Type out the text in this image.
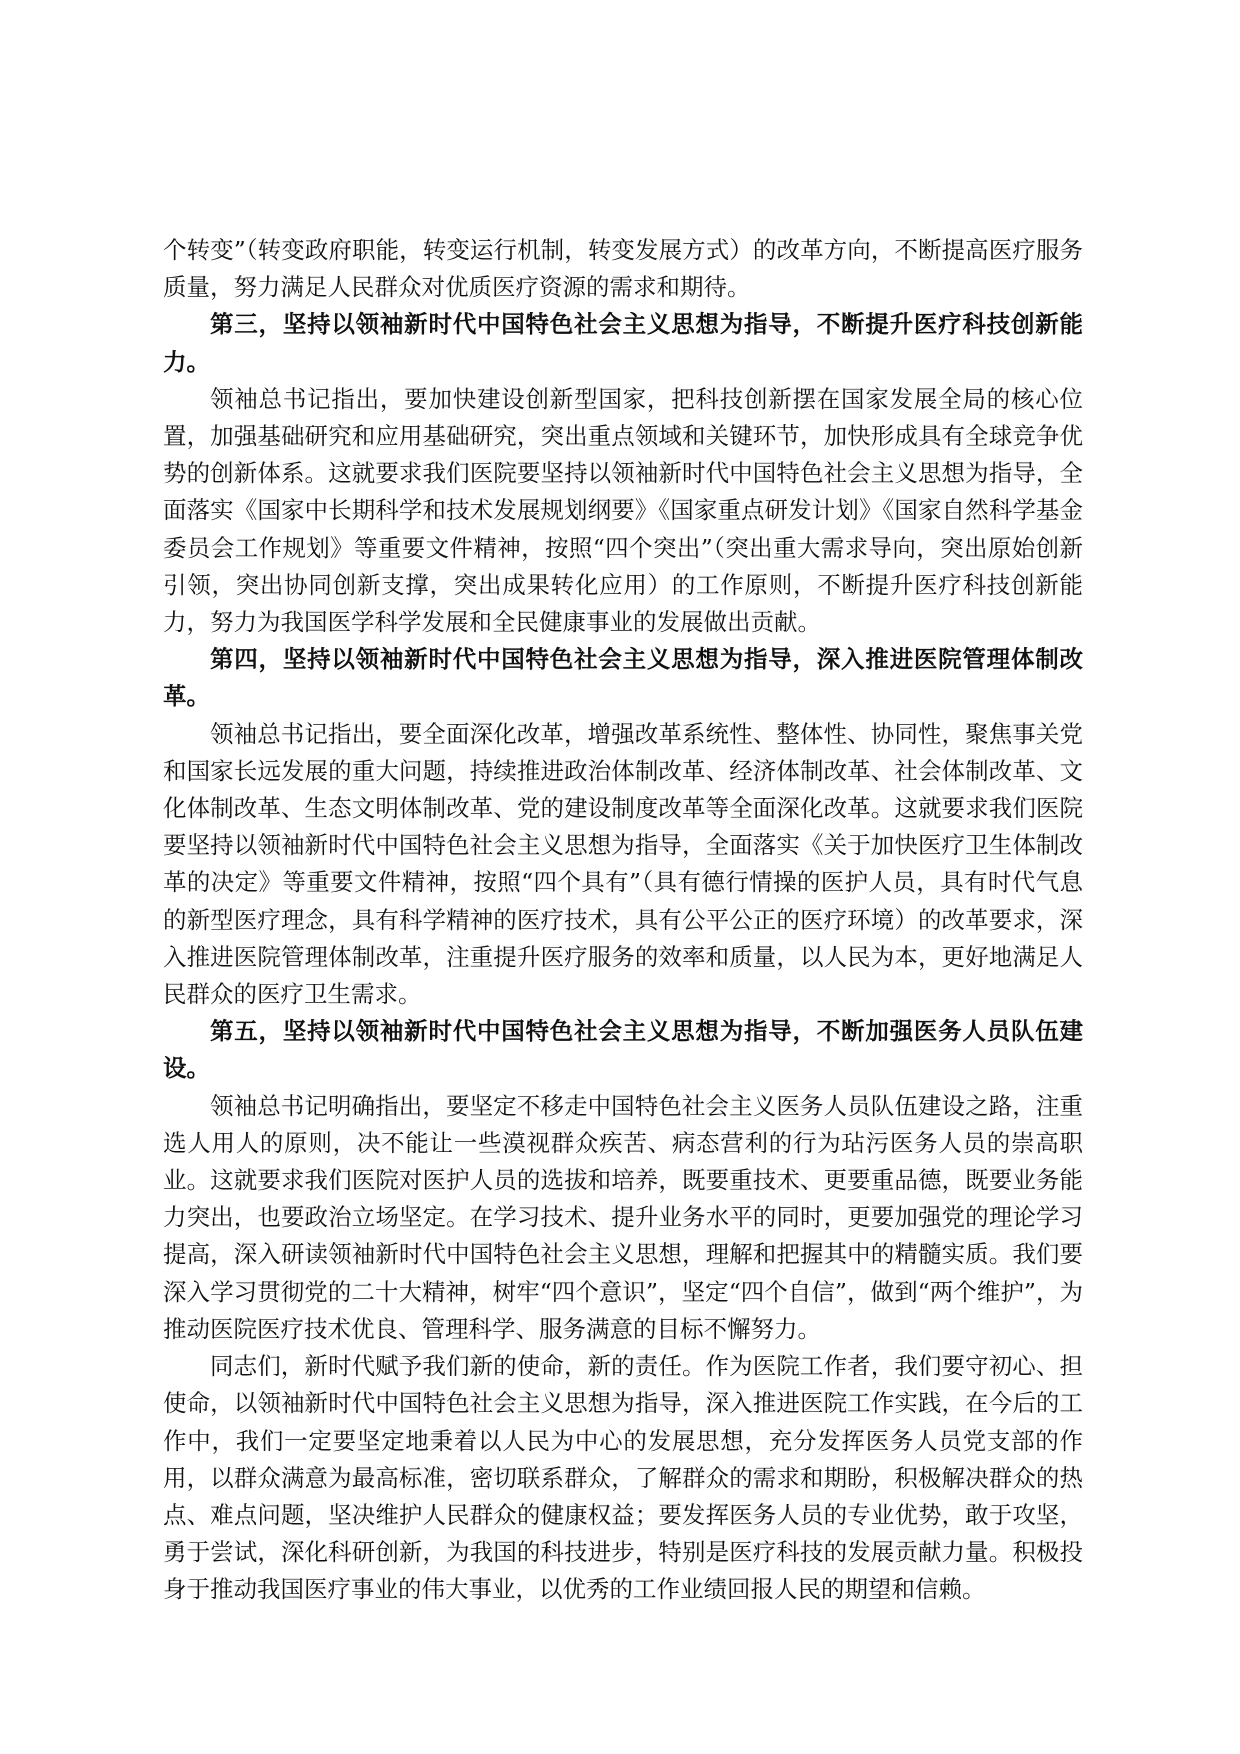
个转变”（转变政府职能，转变运行机制，转变发展方式）的改革方向，不断提高医疗服务质量，努力满足人民群众对优质医疗资源的需求和期待。

第三，坚持以领袖新时代中国特色社会主义思想为指导，不断提升医疗科技创新能力。

领袖总书记指出，要加快建设创新型国家，把科技创新摆在国家发展全局的核心位置，加强基础研究和应用基础研究，突出重点领域和关键环节，加快形成具有全球竞争优势的创新体系。这就要求我们医院要坚持以领袖新时代中国特色社会主义思想为指导，全面落实《国家中长期科学和技术发展规划纲要》《国家重点研发计划》《国家自然科学基金委员会工作规划》等重要文件精神，按照“四个突出”（突出重大需求导向，突出原始创新引领，突出协同创新支撑，突出成果转化应用）的工作原则，不断提升医疗科技创新能力，努力为我国医学科学发展和全民健康事业的发展做出贡献。

第四，坚持以领袖新时代中国特色社会主义思想为指导，深入推进医院管理体制改革。

领袖总书记指出，要全面深化改革，增强改革系统性、整体性、协同性，聚焦事关党和国家长远发展的重大问题，持续推进政治体制改革、经济体制改革、社会体制改革、文化体制改革、生态文明体制改革、党的建设制度改革等全面深化改革。这就要求我们医院要坚持以领袖新时代中国特色社会主义思想为指导，全面落实《关于加快医疗卫生体制改革的决定》等重要文件精神，按照“四个具有”（具有德行情操的医护人员，具有时代气息的新型医疗理念，具有科学精神的医疗技术，具有公平公正的医疗环境）的改革要求，深入推进医院管理体制改革，注重提升医疗服务的效率和质量，以人民为本，更好地满足人民群众的医疗卫生需求。

第五，坚持以领袖新时代中国特色社会主义思想为指导，不断加强医务人员队伍建设。

领袖总书记明确指出，要坚定不移走中国特色社会主义医务人员队伍建设之路，注重选人用人的原则，决不能让一些漠视群众疾苦、病态营利的行为玷污医务人员的崇高职业。这就要求我们医院对医护人员的选拔和培养，既要重技术、更要重品德，既要业务能力突出，也要政治立场坚定。在学习技术、提升业务水平的同时，更要加强党的理论学习提高，深入研读领袖新时代中国特色社会主义思想，理解和把握其中的精髓实质。我们要深入学习贯彻党的二十大精神，树牢“四个意识”，坚定“四个自信”，做到“两个维护”，为推动医院医疗技术优良、管理科学、服务满意的目标不懈努力。

同志们，新时代赋予我们新的使命，新的责任。作为医院工作者，我们要守初心、担使命，以领袖新时代中国特色社会主义思想为指导，深入推进医院工作实践，在今后的工作中，我们一定要坚定地秉着以人民为中心的发展思想，充分发挥医务人员党支部的作用，以群众满意为最高标准，密切联系群众，了解群众的需求和期盼，积极解决群众的热点、难点问题，坚决维护人民群众的健康权益；要发挥医务人员的专业优势，敢于攻坚，勇于尝试，深化科研创新，为我国的科技进步，特别是医疗科技的发展贡献力量。积极投身于推动我国医疗事业的伟大事业，以优秀的工作业绩回报人民的期望和信赖。
